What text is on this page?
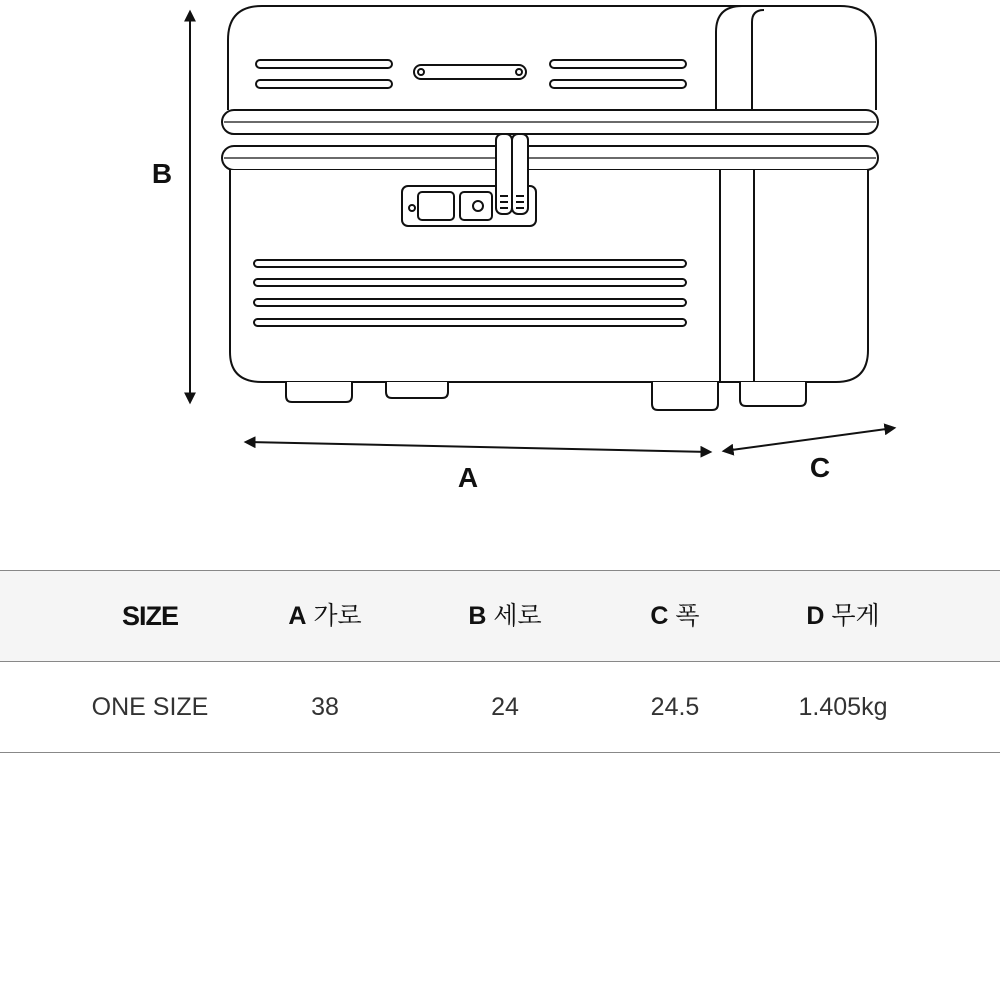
B
A	C
SIZE	A 가로	B 세로	C 폭	D 무게
ONE SIZE	38	24	24.5	1.405kg
